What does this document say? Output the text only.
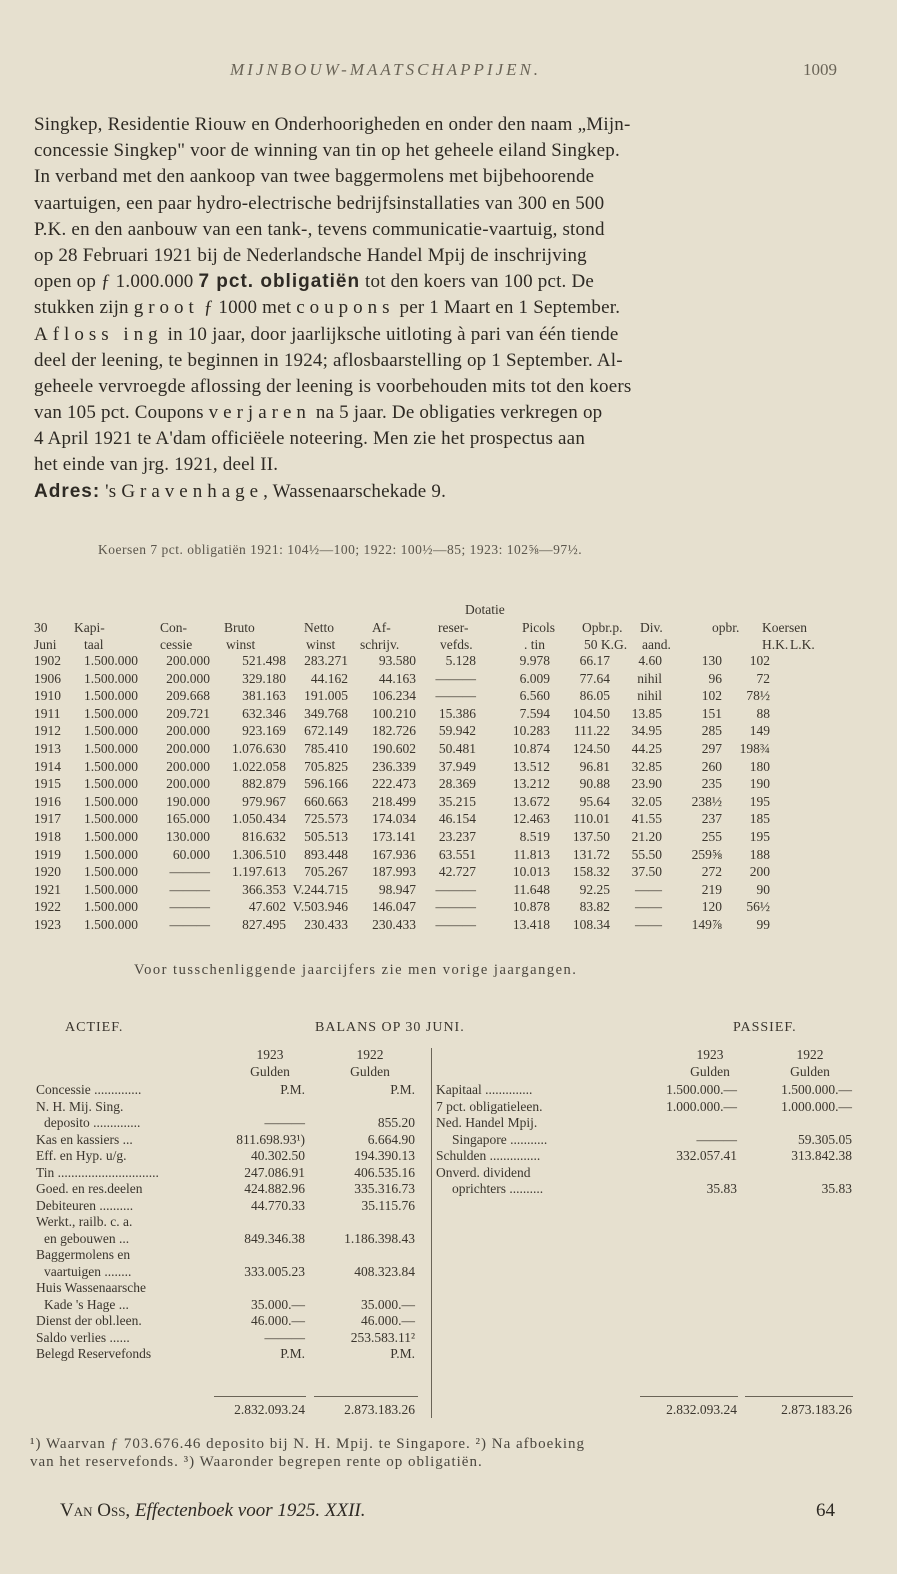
MIJNBOUW-MAATSCHAPPIJEN.	1009
Singkep, Residentie Riouw en Onderhoorigheden en onder den naam „Mijn-
concessie Singkep" voor de winning van tin op het geheele eiland Singkep.
In verband met den aankoop van twee baggermolens met bijbehoorende
vaartuigen, een paar hydro-electrische bedrijfsinstallaties van 300 en 500
P.K. en den aanbouw van een tank-, tevens communicatie-vaartuig, stond
op 28 Februari 1921 bij de Nederlandsche Handel Mpij de inschrijving
open op ƒ 1.000.000 7 pct. obligatiën tot den koers van 100 pct. De
stukken zijn groot ƒ 1000 met coupons per 1 Maart en 1 September.
Afloss ing in 10 jaar, door jaarlijksche uitloting à pari van één tiende
deel der leening, te beginnen in 1924; aflosbaarstelling op 1 September. Al-
geheele vervroegde aflossing der leening is voorbehouden mits tot den koers
van 105 pct. Coupons verjaren na 5 jaar. De obligaties verkregen op
4 April 1921 te A'dam officiëele noteering. Men zie het prospectus aan
het einde van jrg. 1921, deel II.
Adres: 's Gravenhage, Wassenaarschekade 9.
Koersen 7 pct. obligatiën 1921: 104½—100; 1922: 100½—85; 1923: 102⅝—97½.
Dotatie
30 Kapi-	Con-	Bruto	Netto	Af-	reser-	Picols Opbr.p. Div.	opbr. Koersen
Juni taal	cessie	winst	winst schrijv.	vefds.	. tin	50 K.G. aand.	H.K. L.K.
1902	1.500.000	200.000	521.498	283.271	93.580	5.128	9.978	66.17	4.60	130	102
1906	1.500.000	200.000	329.180	44.162	44.163	———	6.009	77.64	nihil	96	72
1910	1.500.000	209.668	381.163	191.005	106.234	———	6.560	86.05	nihil	102	78½
1911	1.500.000	209.721	632.346	349.768	100.210	15.386	7.594	104.50	13.85	151	88
1912	1.500.000	200.000	923.169	672.149	182.726	59.942	10.283	111.22	34.95	285	149
1913	1.500.000	200.000	1.076.630	785.410	190.602	50.481	10.874	124.50	44.25	297	198¾
1914	1.500.000	200.000	1.022.058	705.825	236.339	37.949	13.512	96.81	32.85	260	180
1915	1.500.000	200.000	882.879	596.166	222.473	28.369	13.212	90.88	23.90	235	190
1916	1.500.000	190.000	979.967	660.663	218.499	35.215	13.672	95.64	32.05	238½	195
1917	1.500.000	165.000	1.050.434	725.573	174.034	46.154	12.463	110.01	41.55	237	185
1918	1.500.000	130.000	816.632	505.513	173.141	23.237	8.519	137.50	21.20	255	195
1919	1.500.000	60.000	1.306.510	893.448	167.936	63.551	11.813	131.72	55.50	259⅝	188
1920	1.500.000	———	1.197.613	705.267	187.993	42.727	10.013	158.32	37.50	272	200
1921	1.500.000	———	366.353 V.244.715	98.947	———	11.648	92.25	——	219	90
1922	1.500.000	———	47.602 V.503.946	146.047	———	10.878	83.82	——	120	56½
1923	1.500.000	———	827.495	230.433	230.433	———	13.418	108.34	——	149⅞	99
Voor tusschenliggende jaarcijfers zie men vorige jaargangen.
ACTIEF.	BALANS OP 30 JUNI.	PASSIEF.
1923	1922
Gulden	Gulden
1923	1922
Gulden	Gulden
Concessie ..............	P.M.	P.M.
N. H. Mij. Sing.
deposito ..............	———	855.20
Kas en kassiers ...	811.698.93¹)	6.664.90
Eff. en Hyp. u/g.	40.302.50	194.390.13
Tin ..............................	247.086.91	406.535.16
Goed. en res.deelen	424.882.96	335.316.73
Debiteuren ..........	44.770.33	35.115.76
Werkt., railb. c. a.
en gebouwen ...	849.346.38	1.186.398.43
Baggermolens en
vaartuigen ........	333.005.23	408.323.84
Huis Wassenaarsche
Kade 's Hage ...	35.000.—	35.000.—
Dienst der obl.leen.	46.000.—	46.000.—
Saldo verlies ......	———	253.583.11²
Belegd Reservefonds	P.M.	P.M.
Kapitaal ..............	1.500.000.—	1.500.000.—
7 pct. obligatieleen.	1.000.000.—	1.000.000.—
Ned. Handel Mpij.
Singapore ...........	———	59.305.05
Schulden ...............	332.057.41	313.842.38
Onverd. dividend
oprichters ..........	35.83	35.83
2.832.093.24	2.873.183.26	2.832.093.24	2.873.183.26
¹) Waarvan ƒ 703.676.46 deposito bij N. H. Mpij. te Singapore. ²) Na afboeking
van het reservefonds. ³) Waaronder begrepen rente op obligatiën.
Van Oss, Effectenboek voor 1925. XXII.	64
